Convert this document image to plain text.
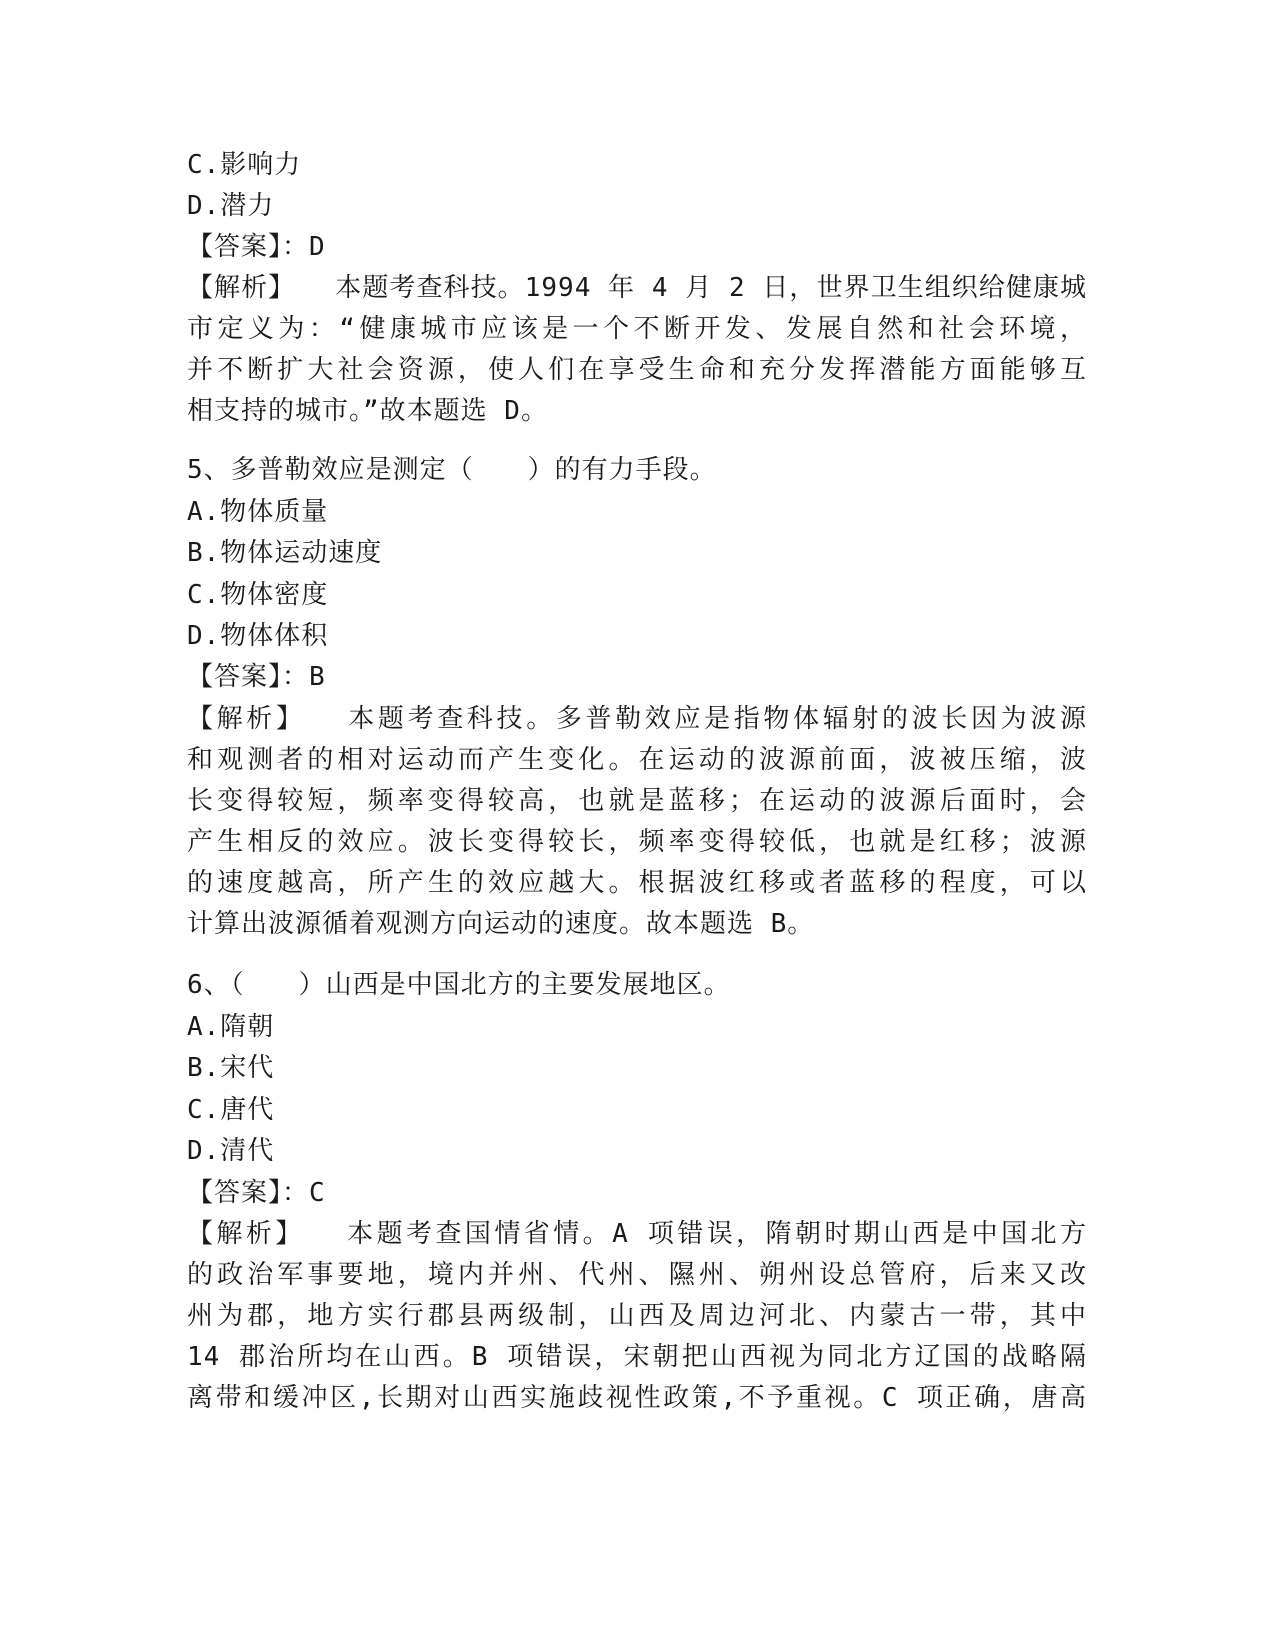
C.影响力
D.潜力
【答案】：D
【解析】 本题考查科技。1994 年 4 月 2 日，世界卫生组织给健康城
市定义为：“健康城市应该是一个不断开发、发展自然和社会环境，
并不断扩大社会资源，使人们在享受生命和充分发挥潜能方面能够互
相支持的城市。”故本题选 D。
5、多普勒效应是测定（　　）的有力手段。
A.物体质量
B.物体运动速度
C.物体密度
D.物体体积
【答案】：B
【解析】 本题考查科技。多普勒效应是指物体辐射的波长因为波源
和观测者的相对运动而产生变化。在运动的波源前面，波被压缩，波
长变得较短，频率变得较高，也就是蓝移；在运动的波源后面时，会
产生相反的效应。波长变得较长，频率变得较低，也就是红移；波源
的速度越高，所产生的效应越大。根据波红移或者蓝移的程度，可以
计算出波源循着观测方向运动的速度。故本题选 B。
6、（　　）山西是中国北方的主要发展地区。
A.隋朝
B.宋代
C.唐代
D.清代
【答案】：C
【解析】 本题考查国情省情。A 项错误，隋朝时期山西是中国北方
的政治军事要地，境内并州、代州、隰州、朔州设总管府，后来又改
州为郡，地方实行郡县两级制，山西及周边河北、内蒙古一带，其中
14 郡治所均在山西。B 项错误，宋朝把山西视为同北方辽国的战略隔
离带和缓冲区,长期对山西实施歧视性政策,不予重视。C 项正确，唐高
